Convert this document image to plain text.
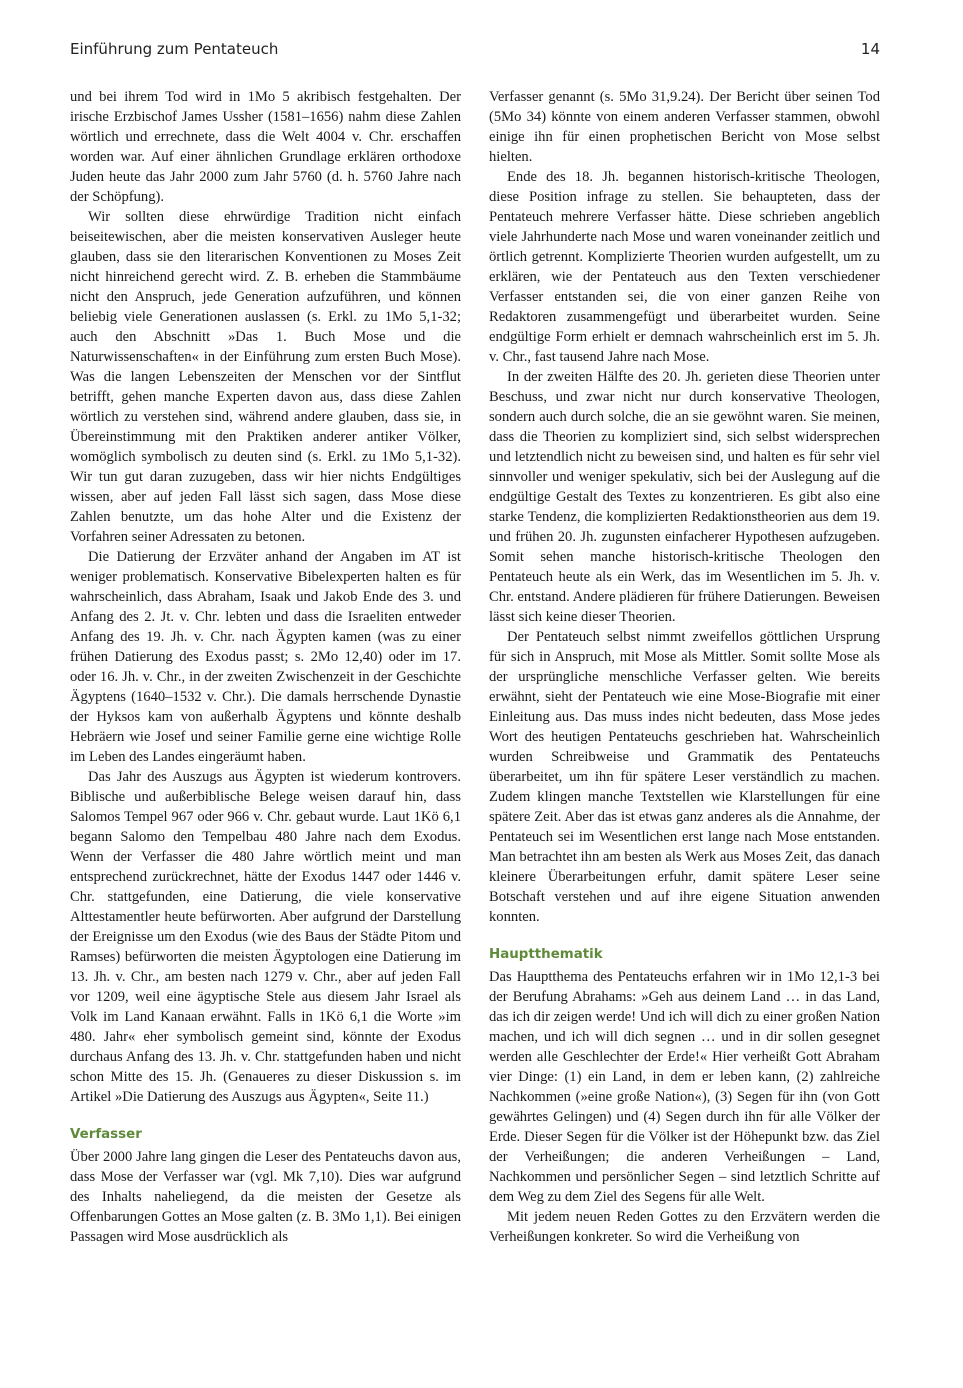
Einführung zum Pentateuch	14

und bei ihrem Tod wird in 1Mo 5 akribisch festgehalten. Der irische Erzbischof James Ussher (1581–1656) nahm diese Zahlen wörtlich und errechnete, dass die Welt 4004 v. Chr. erschaffen worden war. Auf einer ähnlichen Grundlage erklären orthodoxe Juden heute das Jahr 2000 zum Jahr 5760 (d. h. 5760 Jahre nach der Schöpfung).

Wir sollten diese ehrwürdige Tradition nicht einfach beiseitewischen, aber die meisten konservativen Ausleger heute glauben, dass sie den literarischen Konventionen zu Moses Zeit nicht hinreichend gerecht wird. Z. B. erheben die Stammbäume nicht den Anspruch, jede Generation aufzuführen, und können beliebig viele Generationen auslassen (s. Erkl. zu 1Mo 5,1-32; auch den Abschnitt »Das 1. Buch Mose und die Naturwissenschaften« in der Einführung zum ersten Buch Mose). Was die langen Lebenszeiten der Menschen vor der Sintflut betrifft, gehen manche Experten davon aus, dass diese Zahlen wörtlich zu verstehen sind, während andere glauben, dass sie, in Übereinstimmung mit den Praktiken anderer antiker Völker, womöglich symbolisch zu deuten sind (s. Erkl. zu 1Mo 5,1-32). Wir tun gut daran zuzugeben, dass wir hier nichts Endgültiges wissen, aber auf jeden Fall lässt sich sagen, dass Mose diese Zahlen benutzte, um das hohe Alter und die Existenz der Vorfahren seiner Adressaten zu betonen.

Die Datierung der Erzväter anhand der Angaben im AT ist weniger problematisch. Konservative Bibelexperten halten es für wahrscheinlich, dass Abraham, Isaak und Jakob Ende des 3. und Anfang des 2. Jt. v. Chr. lebten und dass die Israeliten entweder Anfang des 19. Jh. v. Chr. nach Ägypten kamen (was zu einer frühen Datierung des Exodus passt; s. 2Mo 12,40) oder im 17. oder 16. Jh. v. Chr., in der zweiten Zwischenzeit in der Geschichte Ägyptens (1640–1532 v. Chr.). Die damals herrschende Dynastie der Hyksos kam von außerhalb Ägyptens und könnte deshalb Hebräern wie Josef und seiner Familie gerne eine wichtige Rolle im Leben des Landes eingeräumt haben.

Das Jahr des Auszugs aus Ägypten ist wiederum kontrovers. Biblische und außerbiblische Belege weisen darauf hin, dass Salomos Tempel 967 oder 966 v. Chr. gebaut wurde. Laut 1Kö 6,1 begann Salomo den Tempelbau 480 Jahre nach dem Exodus. Wenn der Verfasser die 480 Jahre wörtlich meint und man entsprechend zurückrechnet, hätte der Exodus 1447 oder 1446 v. Chr. stattgefunden, eine Datierung, die viele konservative Alttestamentler heute befürworten. Aber aufgrund der Darstellung der Ereignisse um den Exodus (wie des Baus der Städte Pitom und Ramses) befürworten die meisten Ägyptologen eine Datierung im 13. Jh. v. Chr., am besten nach 1279 v. Chr., aber auf jeden Fall vor 1209, weil eine ägyptische Stele aus diesem Jahr Israel als Volk im Land Kanaan erwähnt. Falls in 1Kö 6,1 die Worte »im 480. Jahr« eher symbolisch gemeint sind, könnte der Exodus durchaus Anfang des 13. Jh. v. Chr. stattgefunden haben und nicht schon Mitte des 15. Jh. (Genaueres zu dieser Diskussion s. im Artikel »Die Datierung des Auszugs aus Ägypten«, Seite 11.)

Verfasser

Über 2000 Jahre lang gingen die Leser des Pentateuchs davon aus, dass Mose der Verfasser war (vgl. Mk 7,10). Dies war aufgrund des Inhalts naheliegend, da die meisten der Gesetze als Offenbarungen Gottes an Mose galten (z. B. 3Mo 1,1). Bei einigen Passagen wird Mose ausdrücklich als

Verfasser genannt (s. 5Mo 31,9.24). Der Bericht über seinen Tod (5Mo 34) könnte von einem anderen Verfasser stammen, obwohl einige ihn für einen prophetischen Bericht von Mose selbst hielten.

Ende des 18. Jh. begannen historisch-kritische Theologen, diese Position infrage zu stellen. Sie behaupteten, dass der Pentateuch mehrere Verfasser hätte. Diese schrieben angeblich viele Jahrhunderte nach Mose und waren voneinander zeitlich und örtlich getrennt. Komplizierte Theorien wurden aufgestellt, um zu erklären, wie der Pentateuch aus den Texten verschiedener Verfasser entstanden sei, die von einer ganzen Reihe von Redaktoren zusammengefügt und überarbeitet wurden. Seine endgültige Form erhielt er demnach wahrscheinlich erst im 5. Jh. v. Chr., fast tausend Jahre nach Mose.

In der zweiten Hälfte des 20. Jh. gerieten diese Theorien unter Beschuss, und zwar nicht nur durch konservative Theologen, sondern auch durch solche, die an sie gewöhnt waren. Sie meinen, dass die Theorien zu kompliziert sind, sich selbst widersprechen und letztendlich nicht zu beweisen sind, und halten es für sehr viel sinnvoller und weniger spekulativ, sich bei der Auslegung auf die endgültige Gestalt des Textes zu konzentrieren. Es gibt also eine starke Tendenz, die komplizierten Redaktionstheorien aus dem 19. und frühen 20. Jh. zugunsten einfacherer Hypothesen aufzugeben. Somit sehen manche historisch-kritische Theologen den Pentateuch heute als ein Werk, das im Wesentlichen im 5. Jh. v. Chr. entstand. Andere plädieren für frühere Datierungen. Beweisen lässt sich keine dieser Theorien.

Der Pentateuch selbst nimmt zweifellos göttlichen Ursprung für sich in Anspruch, mit Mose als Mittler. Somit sollte Mose als der ursprüngliche menschliche Verfasser gelten. Wie bereits erwähnt, sieht der Pentateuch wie eine Mose-Biografie mit einer Einleitung aus. Das muss indes nicht bedeuten, dass Mose jedes Wort des heutigen Pentateuchs geschrieben hat. Wahrscheinlich wurden Schreibweise und Grammatik des Pentateuchs überarbeitet, um ihn für spätere Leser verständlich zu machen. Zudem klingen manche Textstellen wie Klarstellungen für eine spätere Zeit. Aber das ist etwas ganz anderes als die Annahme, der Pentateuch sei im Wesentlichen erst lange nach Mose entstanden. Man betrachtet ihn am besten als Werk aus Moses Zeit, das danach kleinere Überarbeitungen erfuhr, damit spätere Leser seine Botschaft verstehen und auf ihre eigene Situation anwenden konnten.

Hauptthematik

Das Hauptthema des Pentateuchs erfahren wir in 1Mo 12,1-3 bei der Berufung Abrahams: »Geh aus deinem Land … in das Land, das ich dir zeigen werde! Und ich will dich zu einer großen Nation machen, und ich will dich segnen … und in dir sollen gesegnet werden alle Geschlechter der Erde!« Hier verheißt Gott Abraham vier Dinge: (1) ein Land, in dem er leben kann, (2) zahlreiche Nachkommen (»eine große Nation«), (3) Segen für ihn (von Gott gewährtes Gelingen) und (4) Segen durch ihn für alle Völker der Erde. Dieser Segen für die Völker ist der Höhepunkt bzw. das Ziel der Verheißungen; die anderen Verheißungen – Land, Nachkommen und persönlicher Segen – sind letztlich Schritte auf dem Weg zu dem Ziel des Segens für alle Welt.

Mit jedem neuen Reden Gottes zu den Erzvätern werden die Verheißungen konkreter. So wird die Verheißung von
